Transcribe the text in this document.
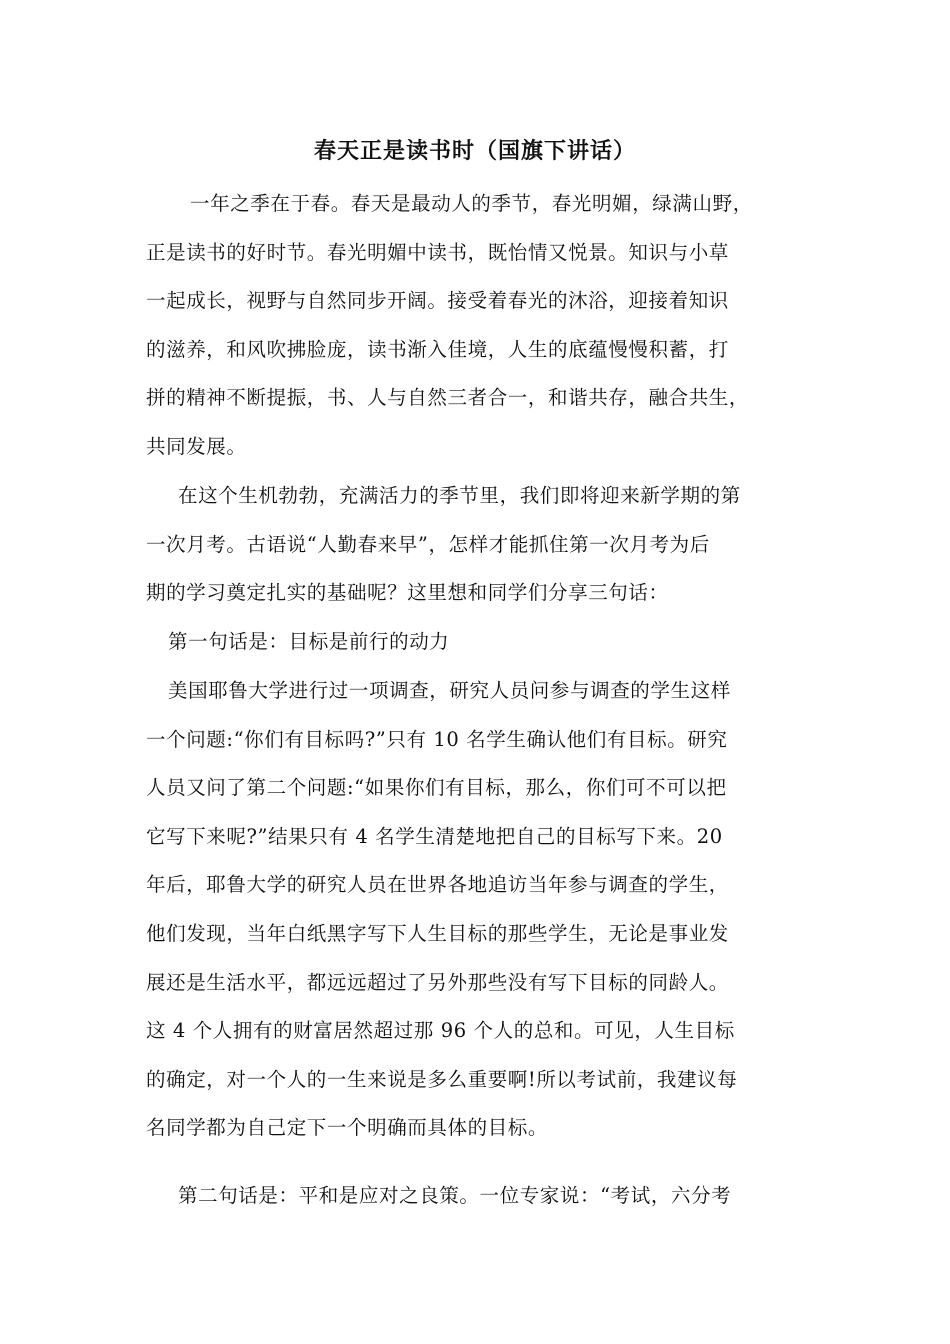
春天正是读书时（国旗下讲话）
一年之季在于春。春天是最动人的季节，春光明媚，绿满山野，
正是读书的好时节。春光明媚中读书，既怡情又悦景。知识与小草
一起成长，视野与自然同步开阔。接受着春光的沐浴，迎接着知识
的滋养，和风吹拂脸庞，读书渐入佳境，人生的底蕴慢慢积蓄，打
拼的精神不断提振，书、人与自然三者合一，和谐共存，融合共生，
共同发展。
在这个生机勃勃，充满活力的季节里，我们即将迎来新学期的第
一次月考。古语说“人勤春来早”，怎样才能抓住第一次月考为后
期的学习奠定扎实的基础呢？这里想和同学们分享三句话：
第一句话是：目标是前行的动力
美国耶鲁大学进行过一项调查，研究人员问参与调查的学生这样
一个问题:“你们有目标吗?”只有 10 名学生确认他们有目标。研究
人员又问了第二个问题:“如果你们有目标，那么，你们可不可以把
它写下来呢?”结果只有 4 名学生清楚地把自己的目标写下来。20
年后，耶鲁大学的研究人员在世界各地追访当年参与调查的学生，
他们发现，当年白纸黑字写下人生目标的那些学生，无论是事业发
展还是生活水平，都远远超过了另外那些没有写下目标的同龄人。
这 4 个人拥有的财富居然超过那 96 个人的总和。可见，人生目标
的确定，对一个人的一生来说是多么重要啊!所以考试前，我建议每
名同学都为自己定下一个明确而具体的目标。
第二句话是：平和是应对之良策。一位专家说：“考试，六分考
